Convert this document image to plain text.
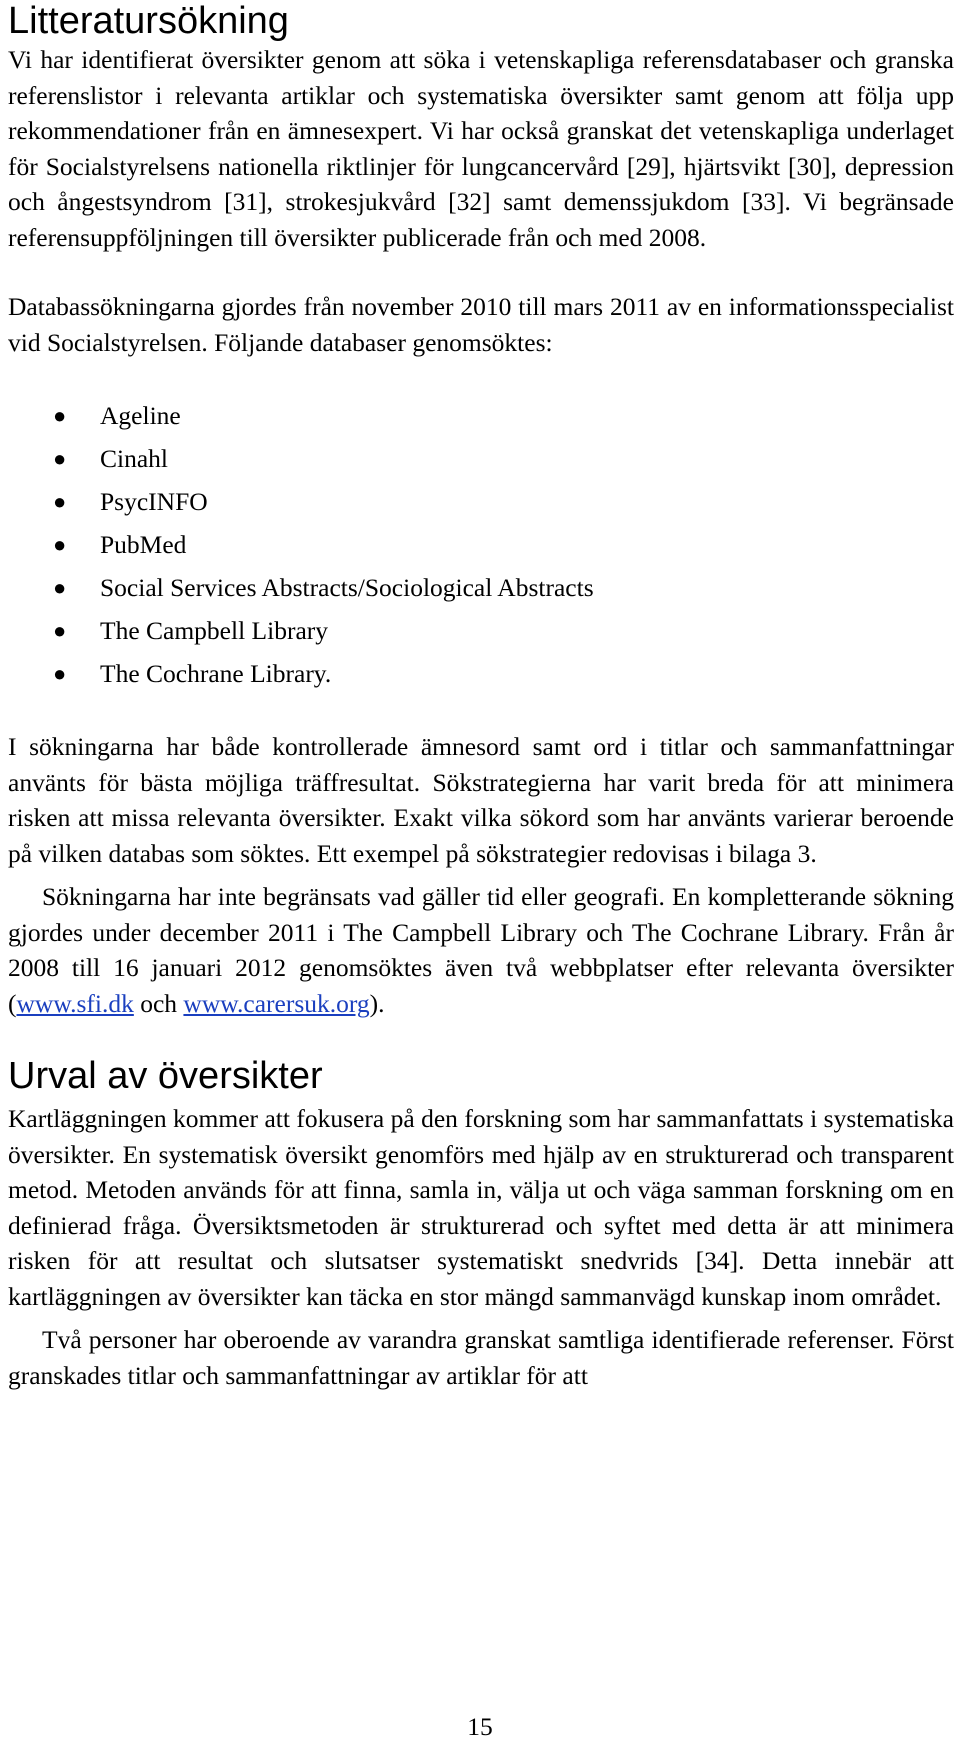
Litteratursökning

Vi har identifierat översikter genom att söka i vetenskapliga referensdatabaser och granska referenslistor i relevanta artiklar och systematiska översikter samt genom att följa upp rekommendationer från en ämnesexpert. Vi har också granskat det vetenskapliga underlaget för Socialstyrelsens nationella riktlinjer för lungcancervård [29], hjärtsvikt [30], depression och ångestsyndrom [31], strokesjukvård [32] samt demenssjukdom [33]. Vi begränsade referensuppföljningen till översikter publicerade från och med 2008.

Databassökningarna gjordes från november 2010 till mars 2011 av en informationsspecialist vid Socialstyrelsen. Följande databaser genomsöktes:

● Ageline
● Cinahl
● PsycINFO
● PubMed
● Social Services Abstracts/Sociological Abstracts
● The Campbell Library
● The Cochrane Library.

I sökningarna har både kontrollerade ämnesord samt ord i titlar och sammanfattningar använts för bästa möjliga träffresultat. Sökstrategierna har varit breda för att minimera risken att missa relevanta översikter. Exakt vilka sökord som har använts varierar beroende på vilken databas som söktes. Ett exempel på sökstrategier redovisas i bilaga 3.

Sökningarna har inte begränsats vad gäller tid eller geografi. En kompletterande sökning gjordes under december 2011 i The Campbell Library och The Cochrane Library. Från år 2008 till 16 januari 2012 genomsöktes även två webbplatser efter relevanta översikter (www.sfi.dk och www.carersuk.org).

Urval av översikter

Kartläggningen kommer att fokusera på den forskning som har sammanfattats i systematiska översikter. En systematisk översikt genomförs med hjälp av en strukturerad och transparent metod. Metoden används för att finna, samla in, välja ut och väga samman forskning om en definierad fråga. Översiktsmetoden är strukturerad och syftet med detta är att minimera risken för att resultat och slutsatser systematiskt snedvrids [34]. Detta innebär att kartläggningen av översikter kan täcka en stor mängd sammanvägd kunskap inom området.

Två personer har oberoende av varandra granskat samtliga identifierade referenser. Först granskades titlar och sammanfattningar av artiklar för att

15
